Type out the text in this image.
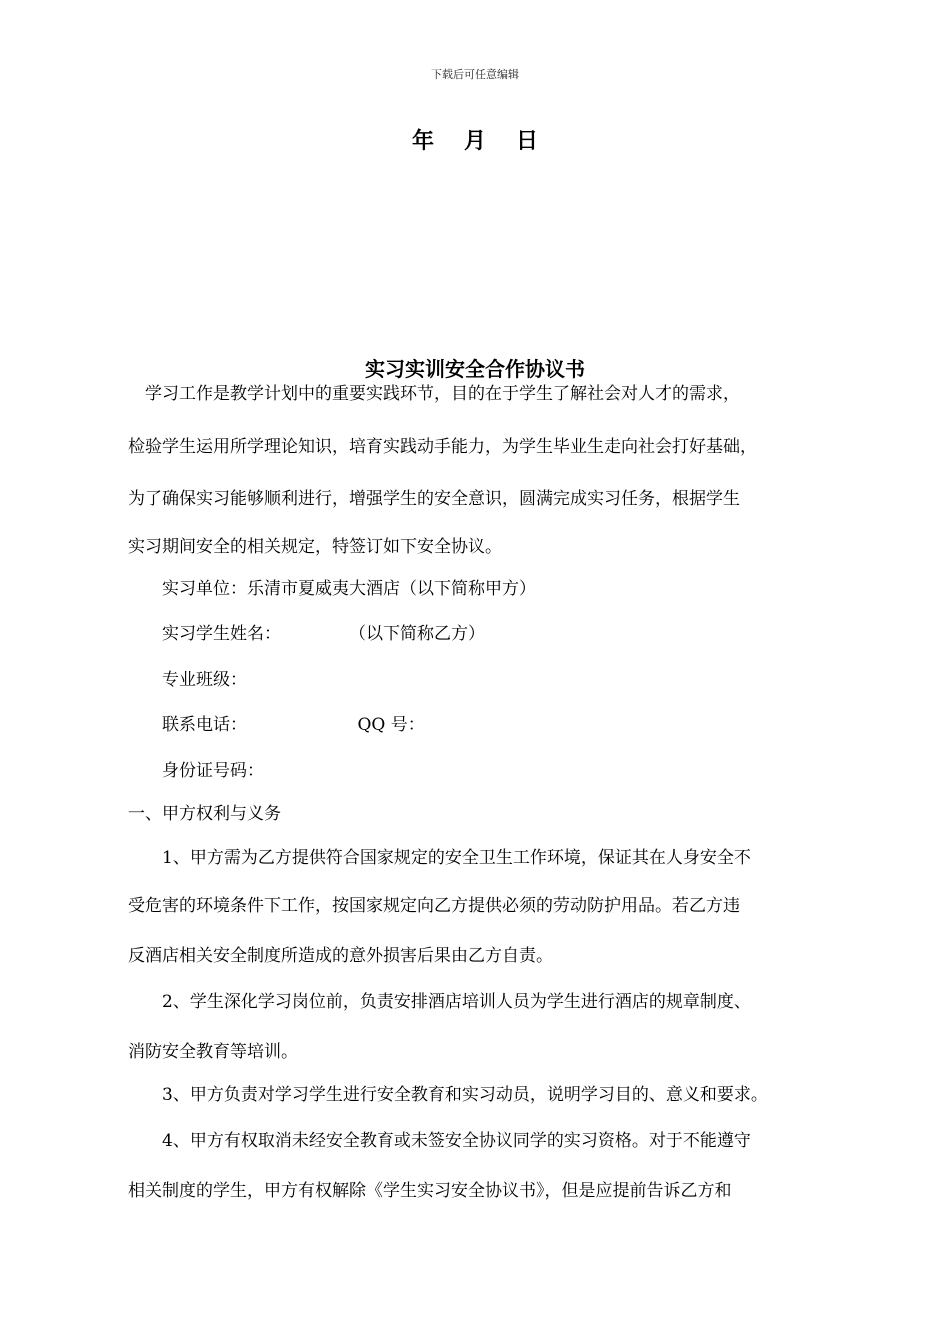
下载后可任意编辑
年 月 日
实习实训安全合作协议书
　学习工作是教学计划中的重要实践环节，目的在于学生了解社会对人才的需求，
检验学生运用所学理论知识，培育实践动手能力，为学生毕业生走向社会打好基础，
为了确保实习能够顺利进行，增强学生的安全意识，圆满完成实习任务，根据学生
实习期间安全的相关规定，特签订如下安全协议。
　　实习单位：乐清市夏威夷大酒店（以下简称甲方）
　　实习学生姓名：　　　　　（以下简称乙方）
　　专业班级：
　　联系电话：　　　　　　　QQ 号：
　　身份证号码：
一、甲方权利与义务
　　1、甲方需为乙方提供符合国家规定的安全卫生工作环境，保证其在人身安全不
受危害的环境条件下工作，按国家规定向乙方提供必须的劳动防护用品。若乙方违
反酒店相关安全制度所造成的意外损害后果由乙方自责。
　　2、学生深化学习岗位前，负责安排酒店培训人员为学生进行酒店的规章制度、
消防安全教育等培训。
　　3、甲方负责对学习学生进行安全教育和实习动员，说明学习目的、意义和要求。
　　4、甲方有权取消未经安全教育或未签安全协议同学的实习资格。对于不能遵守
相关制度的学生，甲方有权解除《学生实习安全协议书》，但是应提前告诉乙方和
